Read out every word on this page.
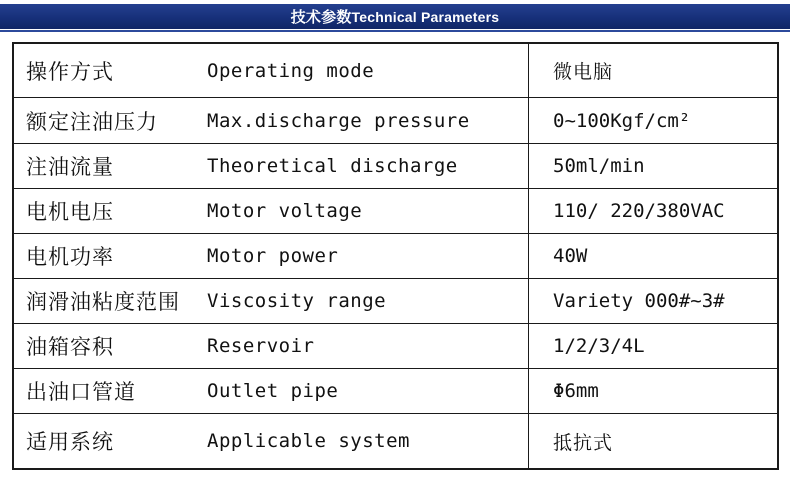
技术参数 Technical Parameters
操作方式 Operating mode	微电脑

额定注油压力 Max.discharge pressure	0~100Kgf/cm²

注油流量 Theoretical discharge	50ml/min

电机电压 Motor voltage	110/ 220/380VAC

电机功率 Motor power	40W

润滑油粘度范围 Viscosity range	Variety 000#~3#

油箱容积 Reservoir	1/2/3/4L

出油口管道 Outlet pipe	Φ6mm

适用系统 Applicable system	抵抗式
